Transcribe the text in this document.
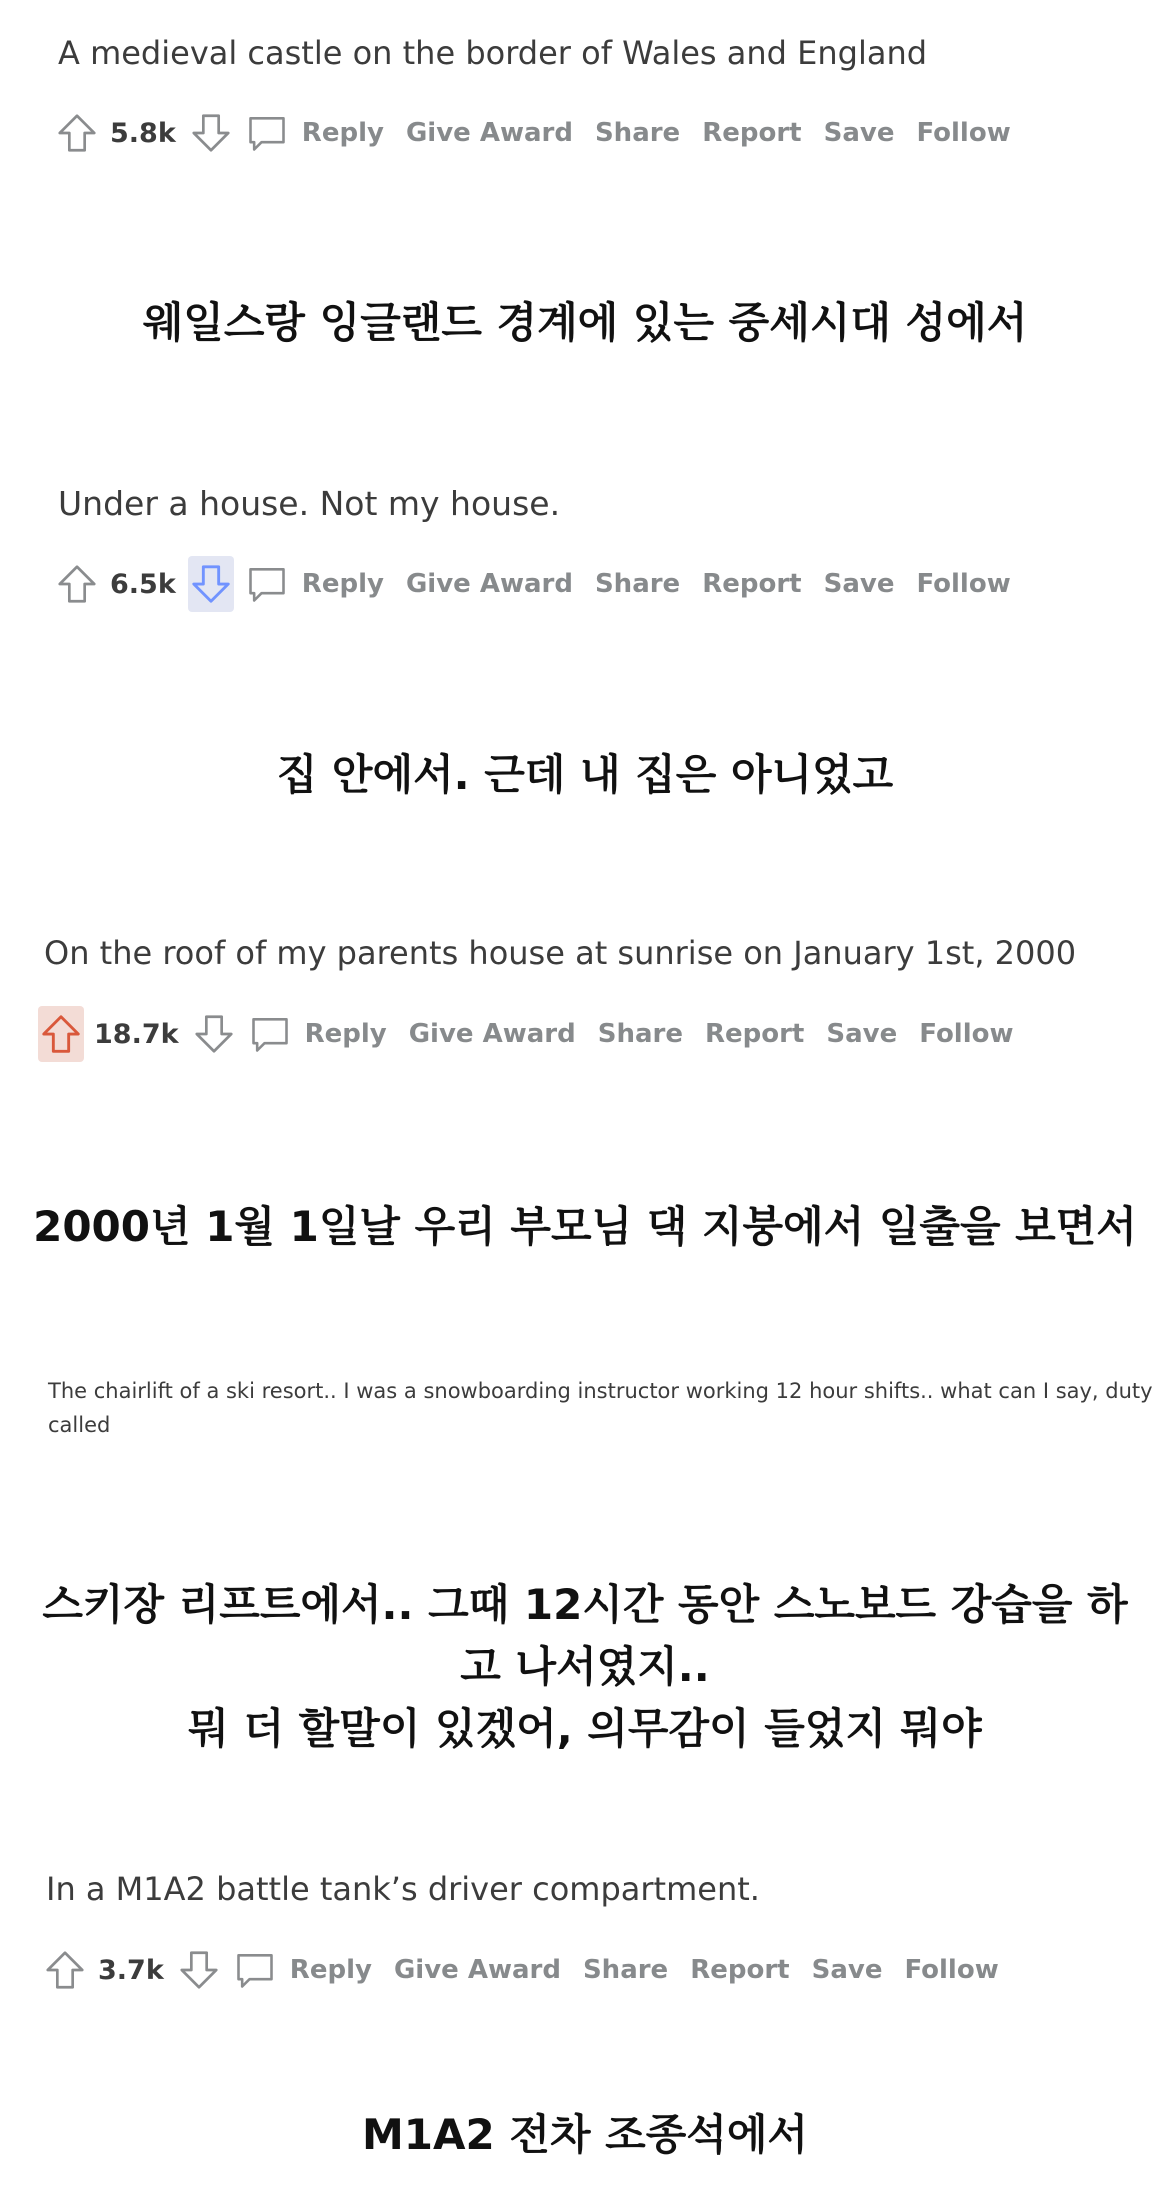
A medieval castle on the border of Wales and England
5.8k	Reply Give Award Share Report Save Follow
웨일스랑 잉글랜드 경계에 있는 중세시대 성에서
Under a house. Not my house.
6.5k	Reply Give Award Share Report Save Follow
집 안에서. 근데 내 집은 아니었고
On the roof of my parents house at sunrise on January 1st, 2000
18.7k	Reply Give Award Share Report Save Follow
2000년 1월 1일날 우리 부모님 댁 지붕에서 일출을 보면서
The chairlift of a ski resort.. I was a snowboarding instructor working 12 hour shifts.. what can I say, duty called
스키장 리프트에서.. 그때 12시간 동안 스노보드 강습을 하
고 나서였지..
뭐 더 할말이 있겠어, 의무감이 들었지 뭐야
In a M1A2 battle tank’s driver compartment.
3.7k	Reply Give Award Share Report Save Follow
M1A2 전차 조종석에서
